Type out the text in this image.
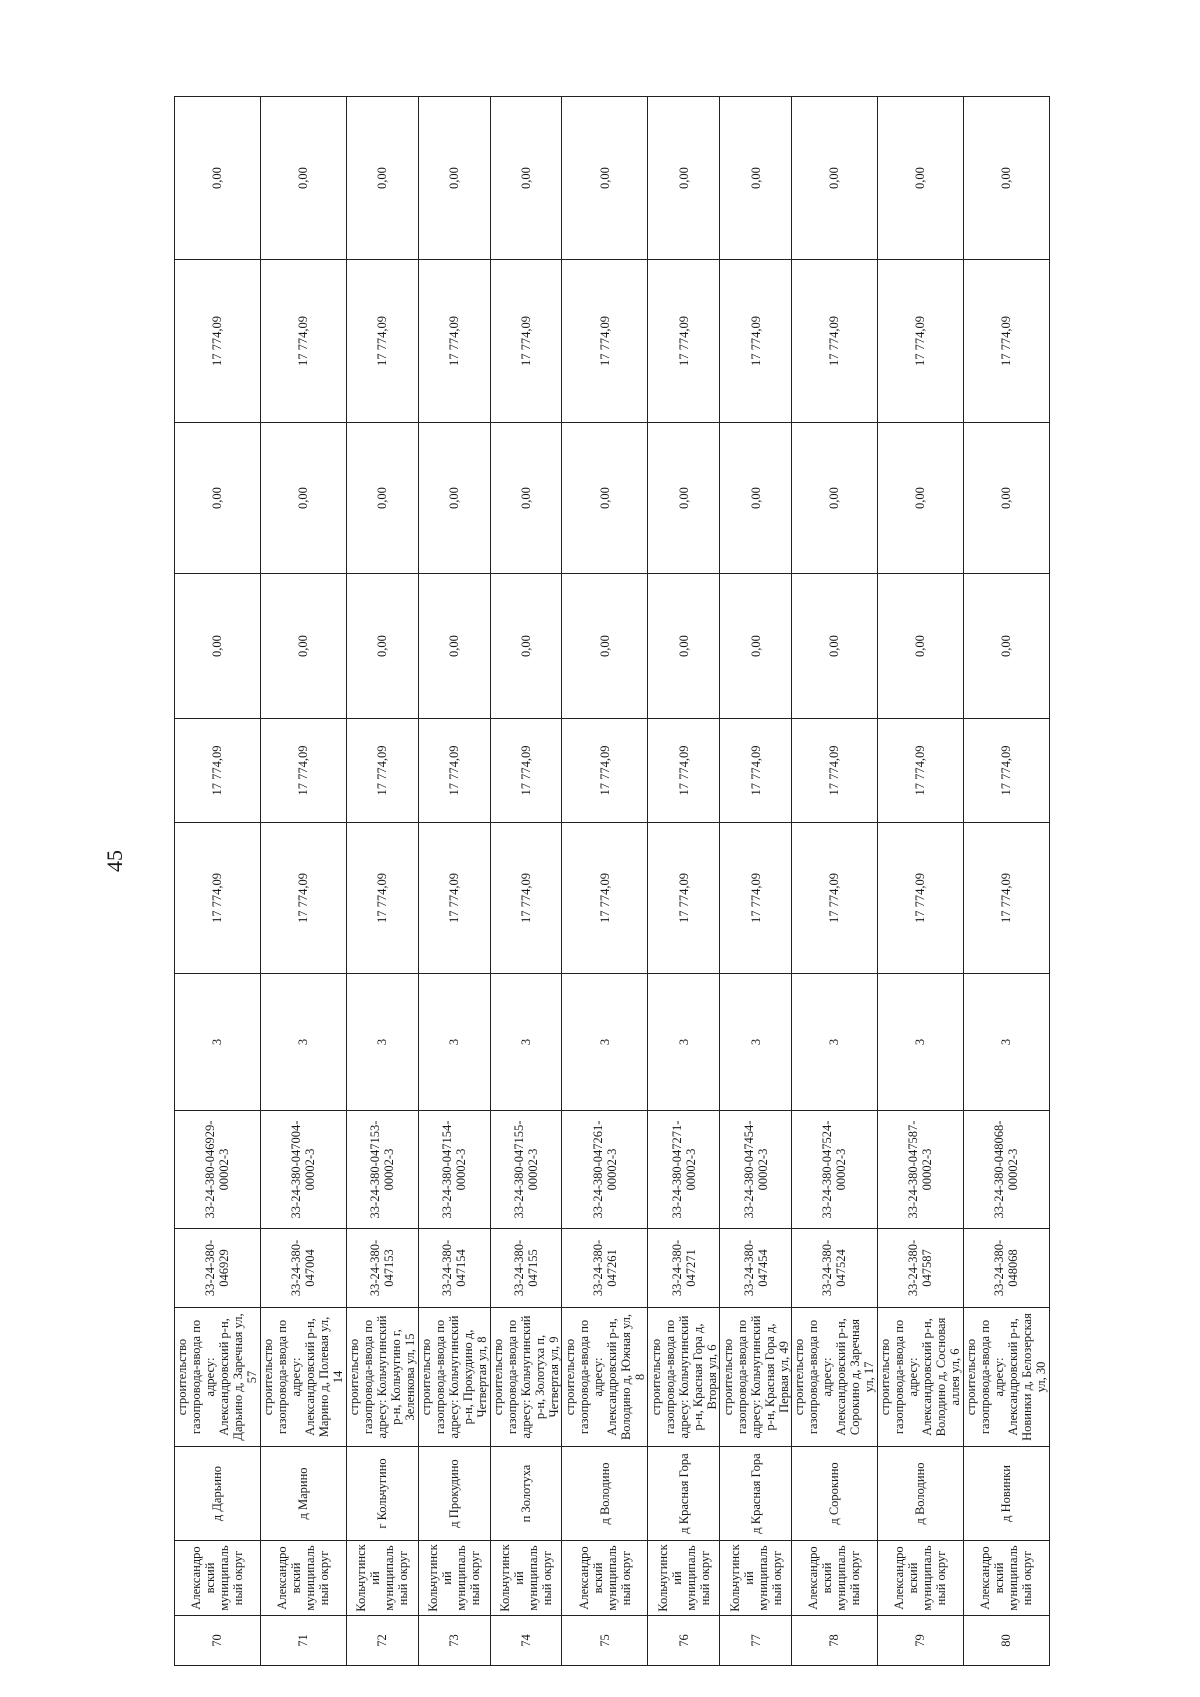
45
70	Александровский муниципальный округ	д Дарьино	строительство газопровода-ввода по адресу: Александровский р-н, Дарьино д, Заречная ул, 57	33-24-380-046929	33-24-380-046929-00002-3	3	17 774,09	17 774,09	0,00	0,00	17 774,09	0,00
71	Александровский муниципальный округ	д Марино	строительство газопровода-ввода по адресу: Александровский р-н, Марино д, Полевая ул, 14	33-24-380-047004	33-24-380-047004-00002-3	3	17 774,09	17 774,09	0,00	0,00	17 774,09	0,00
72	Кольчугинский муниципальный округ	г Кольчугино	строительство газопровода-ввода по адресу: Кольчугинский р-н, Кольчугино г, Зеленкова ул, 15	33-24-380-047153	33-24-380-047153-00002-3	3	17 774,09	17 774,09	0,00	0,00	17 774,09	0,00
73	Кольчугинский муниципальный округ	д Прокудино	строительство газопровода-ввода по адресу: Кольчугинский р-н, Прокудино д, Четвертая ул, 8	33-24-380-047154	33-24-380-047154-00002-3	3	17 774,09	17 774,09	0,00	0,00	17 774,09	0,00
74	Кольчугинский муниципальный округ	п Золотуха	строительство газопровода-ввода по адресу: Кольчугинский р-н, Золотуха п, Четвертая ул, 9	33-24-380-047155	33-24-380-047155-00002-3	3	17 774,09	17 774,09	0,00	0,00	17 774,09	0,00
75	Александровский муниципальный округ	д Володино	строительство газопровода-ввода по адресу: Александровский р-н, Володино д, Южная ул, 8	33-24-380-047261	33-24-380-047261-00002-3	3	17 774,09	17 774,09	0,00	0,00	17 774,09	0,00
76	Кольчугинский муниципальный округ	д Красная Гора	строительство газопровода-ввода по адресу: Кольчугинский р-н, Красная Гора д, Вторая ул, 6	33-24-380-047271	33-24-380-047271-00002-3	3	17 774,09	17 774,09	0,00	0,00	17 774,09	0,00
77	Кольчугинский муниципальный округ	д Красная Гора	строительство газопровода-ввода по адресу: Кольчугинский р-н, Красная Гора д, Первая ул, 49	33-24-380-047454	33-24-380-047454-00002-3	3	17 774,09	17 774,09	0,00	0,00	17 774,09	0,00
78	Александровский муниципальный округ	д Сорокино	строительство газопровода-ввода по адресу: Александровский р-н, Сорокино д, Заречная ул, 17	33-24-380-047524	33-24-380-047524-00002-3	3	17 774,09	17 774,09	0,00	0,00	17 774,09	0,00
79	Александровский муниципальный округ	д Володино	строительство газопровода-ввода по адресу: Александровский р-н, Володино д, Сосновая аллея ул, 6	33-24-380-047587	33-24-380-047587-00002-3	3	17 774,09	17 774,09	0,00	0,00	17 774,09	0,00
80	Александровский муниципальный округ	д Новинки	строительство газопровода-ввода по адресу: Александровский р-н, Новинки д, Белозерская ул, 30	33-24-380-048068	33-24-380-048068-00002-3	3	17 774,09	17 774,09	0,00	0,00	17 774,09	0,00
